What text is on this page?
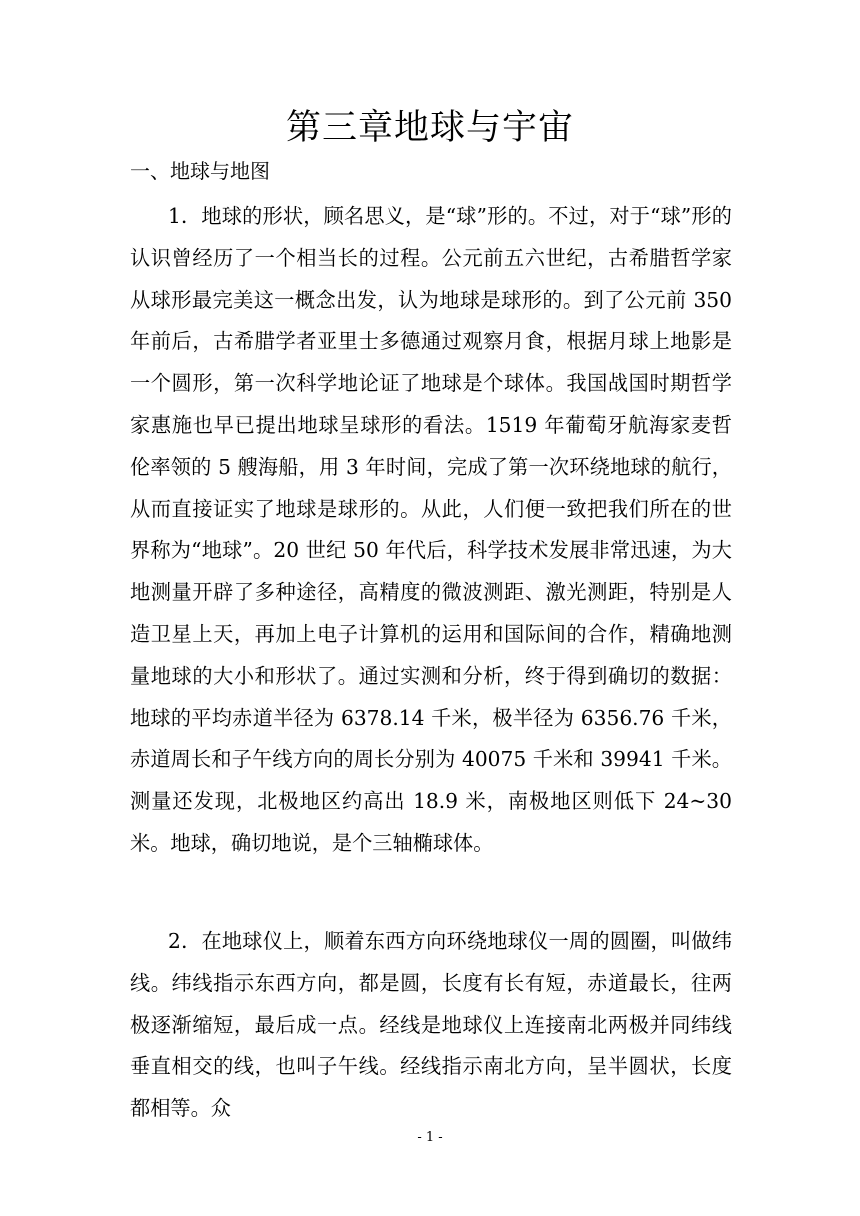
第三章地球与宇宙
一、地球与地图

1．地球的形状，顾名思义，是“球”形的。不过，对于“球”形的认识曾经历了一个相当长的过程。公元前五六世纪，古希腊哲学家从球形最完美这一概念出发，认为地球是球形的。到了公元前 350 年前后，古希腊学者亚里士多德通过观察月食，根据月球上地影是一个圆形，第一次科学地论证了地球是个球体。我国战国时期哲学家惠施也早已提出地球呈球形的看法。1519 年葡萄牙航海家麦哲伦率领的 5 艘海船，用 3 年时间，完成了第一次环绕地球的航行，从而直接证实了地球是球形的。从此，人们便一致把我们所在的世界称为“地球”。20 世纪 50 年代后，科学技术发展非常迅速，为大地测量开辟了多种途径，高精度的微波测距、激光测距，特别是人造卫星上天，再加上电子计算机的运用和国际间的合作，精确地测量地球的大小和形状了。通过实测和分析，终于得到确切的数据：地球的平均赤道半径为 6378.14 千米，极半径为 6356.76 千米，赤道周长和子午线方向的周长分别为 40075 千米和 39941 千米。测量还发现，北极地区约高出 18.9 米，南极地区则低下 24~30 米。地球，确切地说，是个三轴椭球体。

2．在地球仪上，顺着东西方向环绕地球仪一周的圆圈，叫做纬线。纬线指示东西方向，都是圆，长度有长有短，赤道最长，往两极逐渐缩短，最后成一点。经线是地球仪上连接南北两极并同纬线垂直相交的线，也叫子午线。经线指示南北方向，呈半圆状，长度都相等。众

- 1 -
